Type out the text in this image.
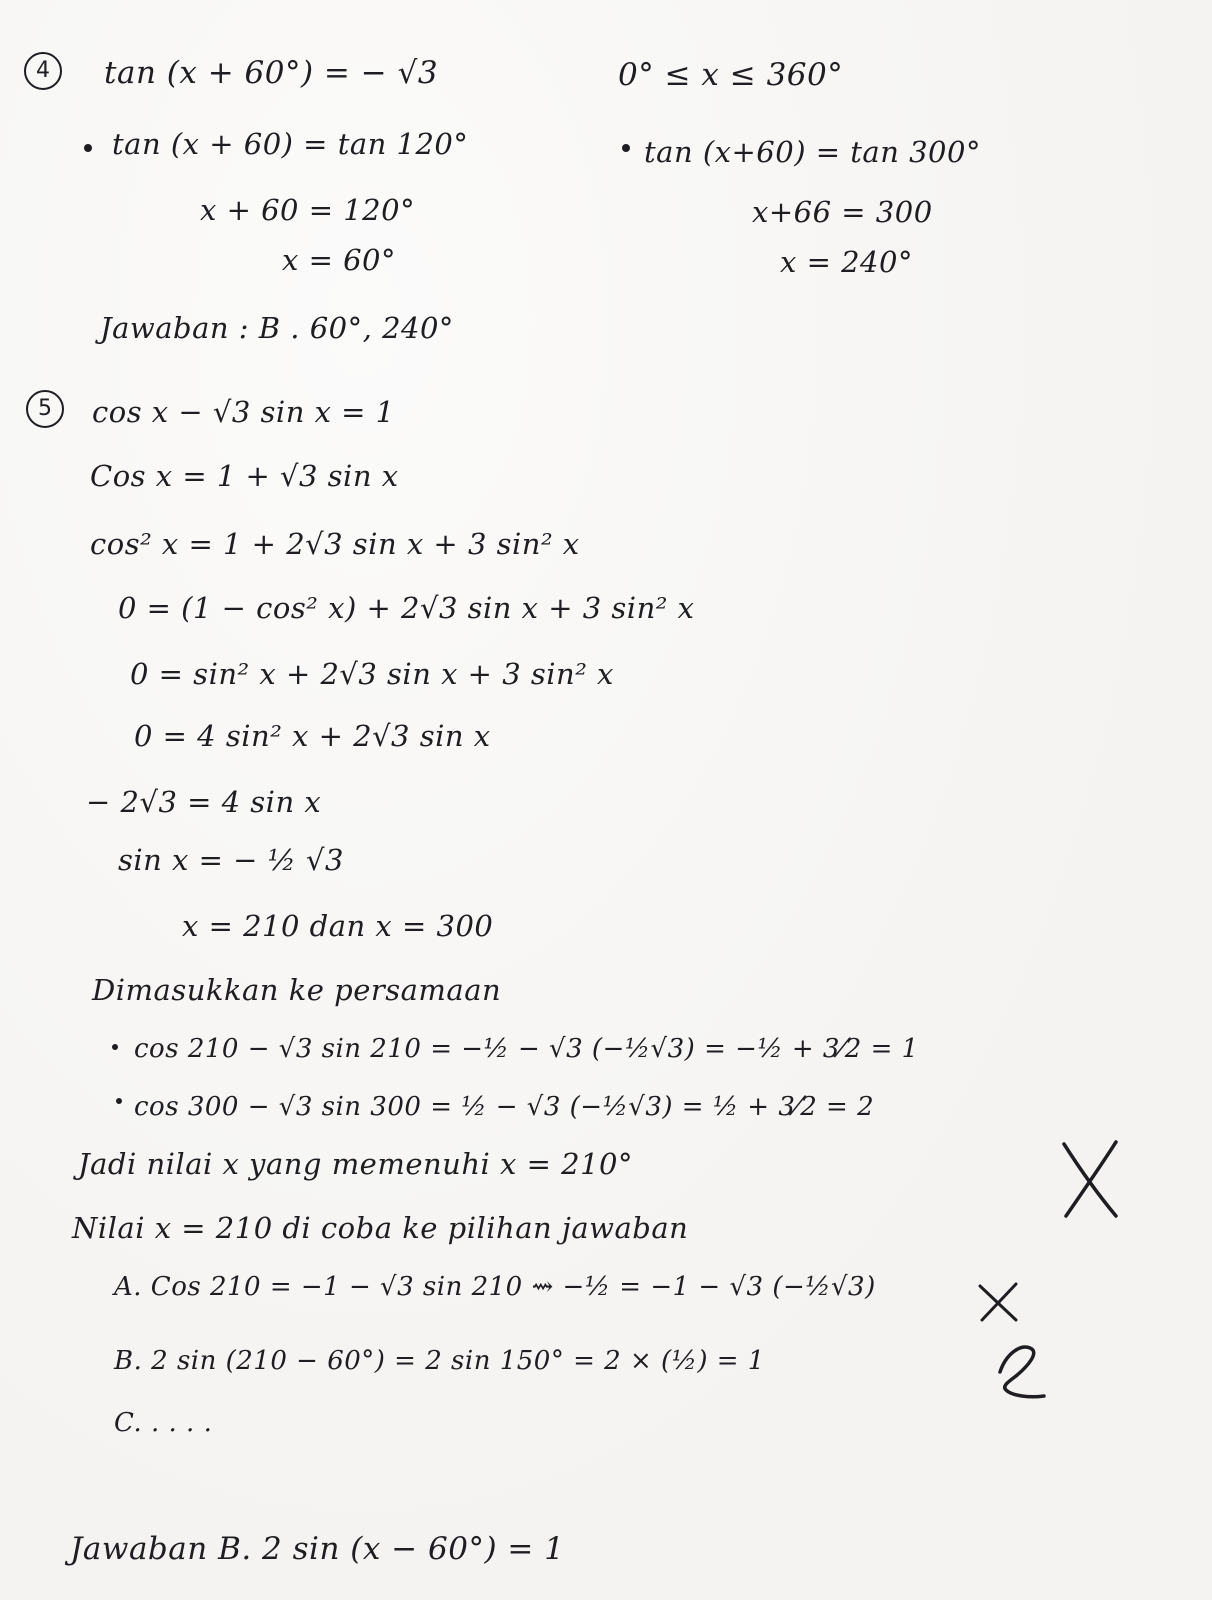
4	tan (x + 60°) = − √3	0° ≤ x ≤ 360°
tan (x + 60) = tan 120°
x + 60 = 120°
x = 60°
tan (x+60) = tan 300°
x+66 = 300
x = 240°
Jawaban : B . 60°, 240°
5	cos x − √3 sin x = 1
Cos x = 1 + √3 sin x
cos² x = 1 + 2√3 sin x + 3 sin² x
0 = (1 − cos² x) + 2√3 sin x + 3 sin² x
0 = sin² x + 2√3 sin x + 3 sin² x
0 = 4 sin² x + 2√3 sin x
− 2√3 = 4 sin x
sin x = − ½ √3
x = 210 dan x = 300
Dimasukkan ke persamaan
cos 210 − √3 sin 210 = −½ − √3 (−½√3) = −½ + 3⁄2 = 1
cos 300 − √3 sin 300 = ½ − √3 (−½√3) = ½ + 3⁄2 = 2
Jadi nilai x yang memenuhi x = 210°
Nilai x = 210 di coba ke pilihan jawaban
A. Cos 210 = −1 − √3 sin 210 ⇝ −½ = −1 − √3 (−½√3)
B. 2 sin (210 − 60°) = 2 sin 150° = 2 × (½) = 1
C. . . . .
Jawaban B. 2 sin (x − 60°) = 1
